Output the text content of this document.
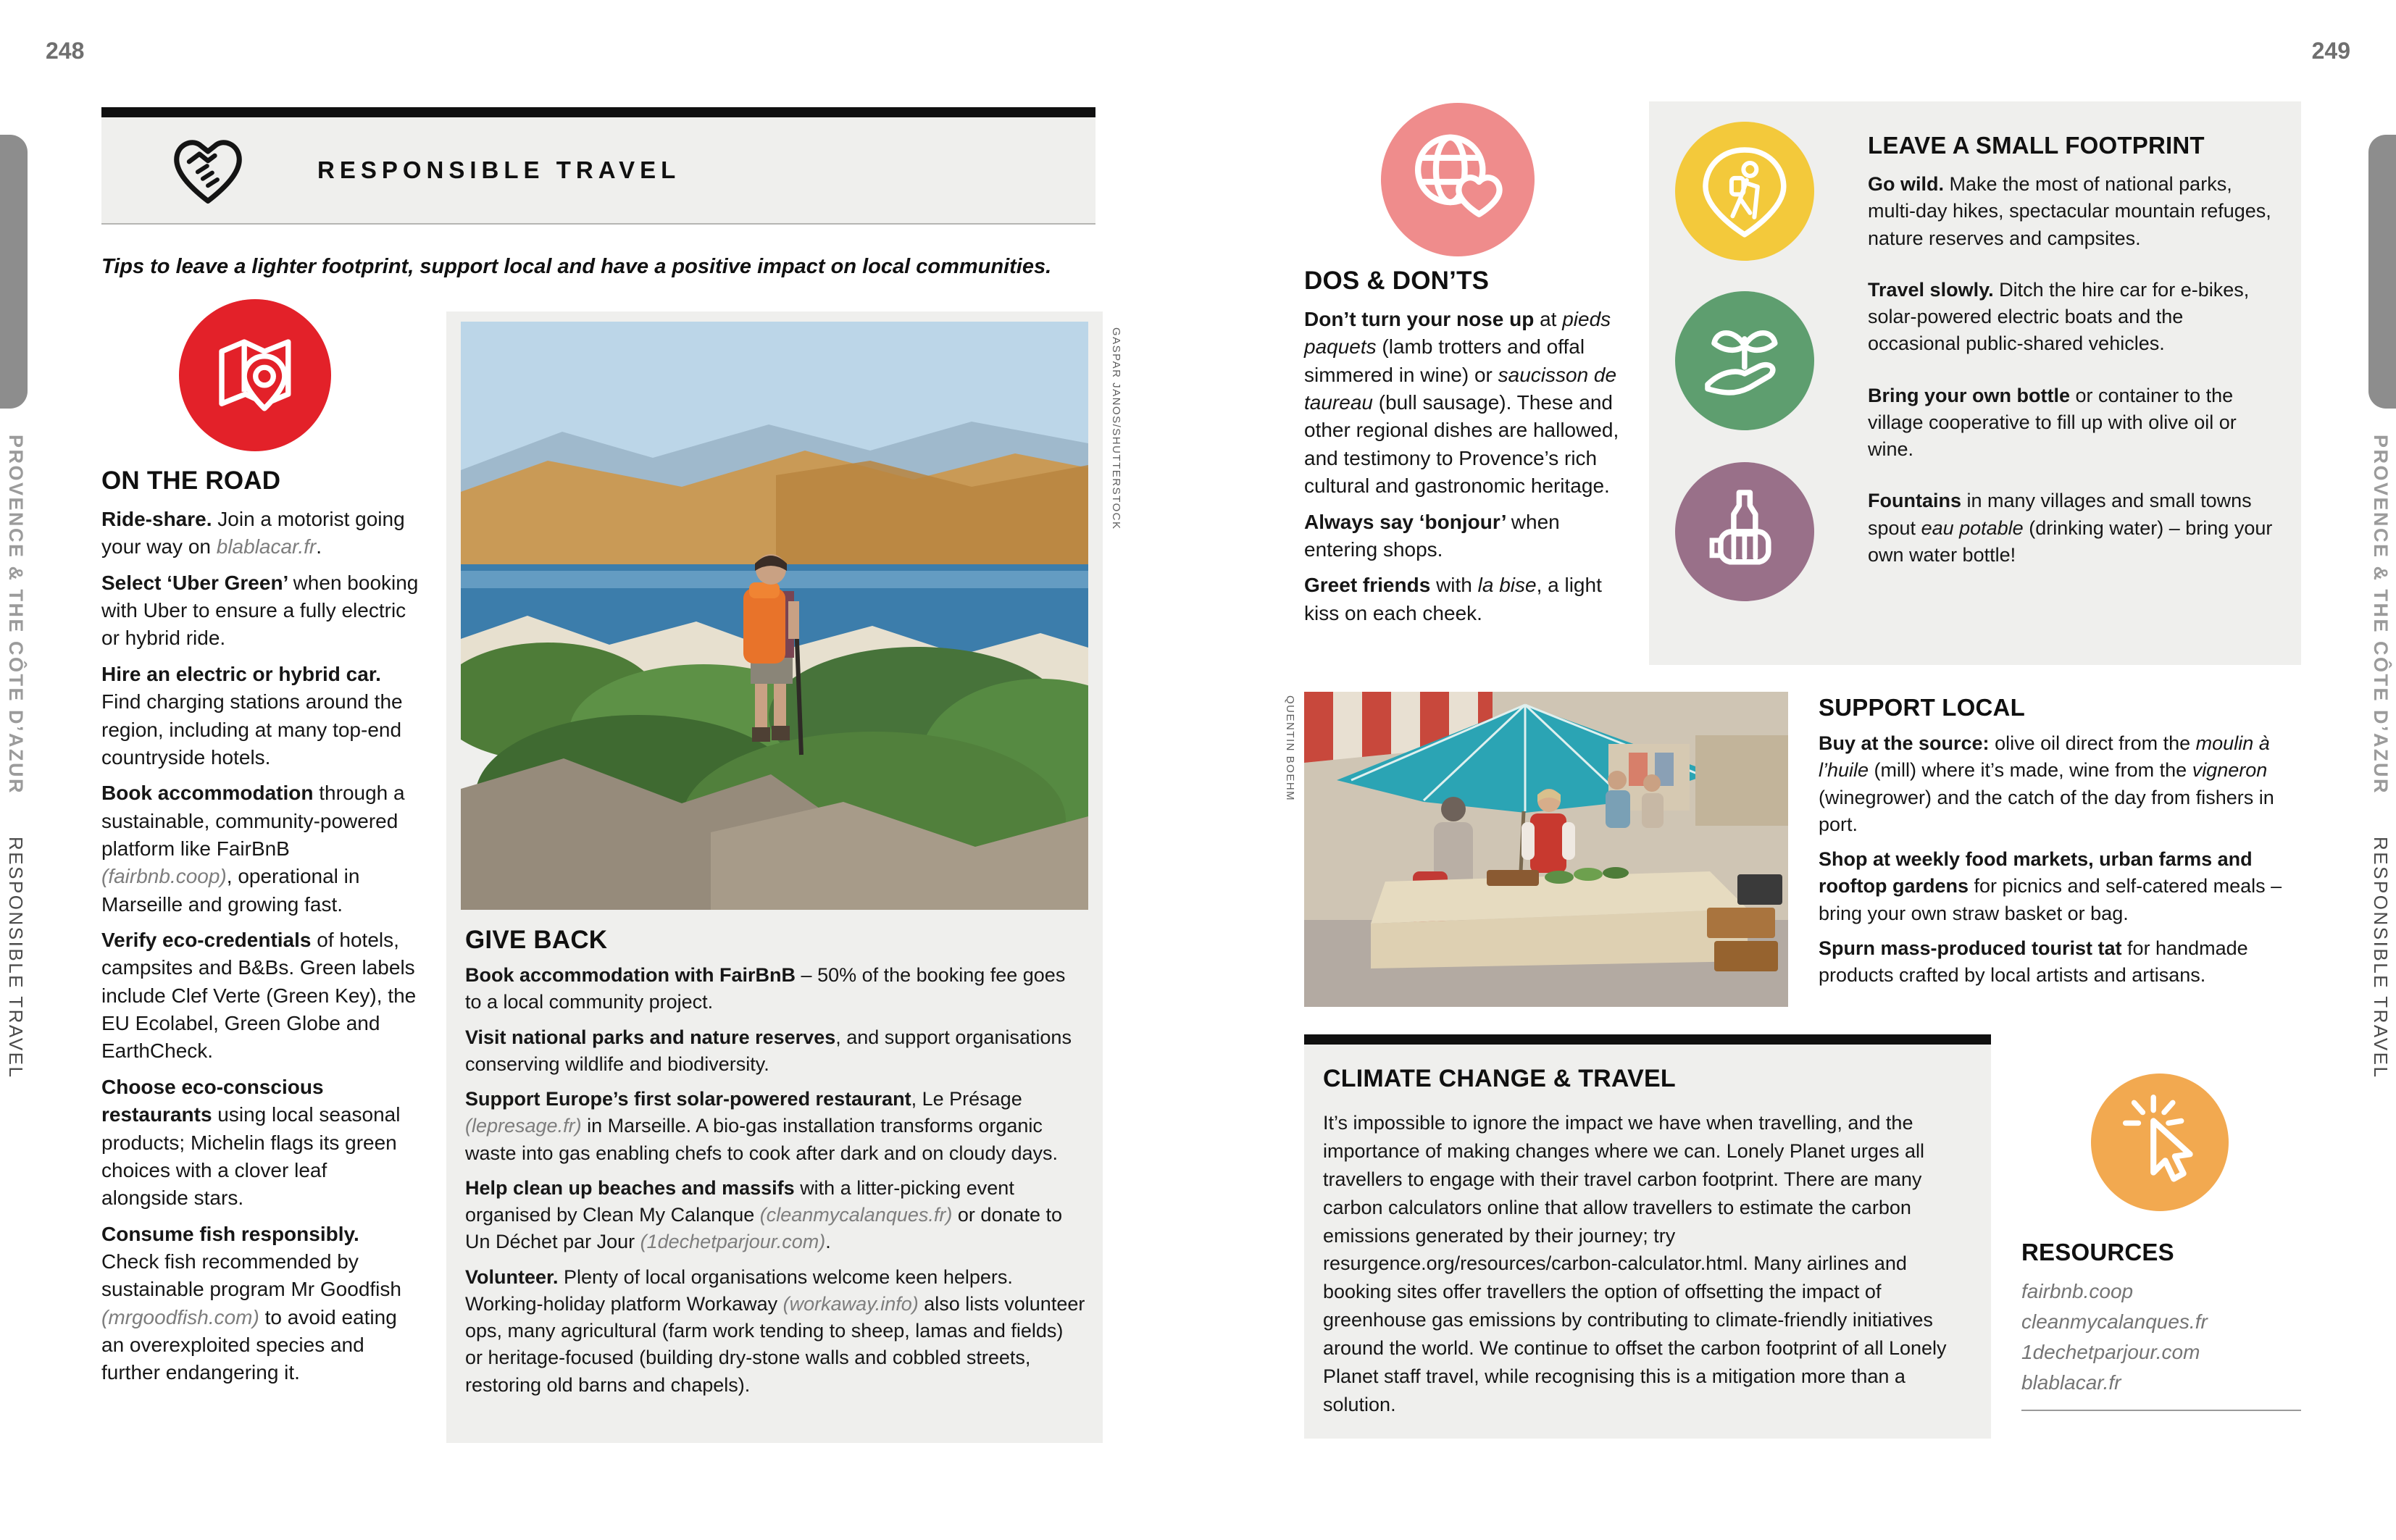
248	249
PROVENCE & THE CÔTE D’AZUR
RESPONSIBLE TRAVEL
PROVENCE & THE CÔTE D’AZUR
RESPONSIBLE TRAVEL
RESPONSIBLE TRAVEL
Tips to leave a lighter footprint, support local and have a positive impact on local communities.
ON THE ROAD

Ride-share. Join a motorist going your way on blablacar.fr.

Select ‘Uber Green’ when booking with Uber to ensure a fully electric or hybrid ride.

Hire an electric or hybrid car. Find charging stations around the region, including at many top-end countryside hotels.

Book accommodation through a sustainable, community-powered platform like FairBnB (fairbnb.coop), operational in Marseille and growing fast.

Verify eco-credentials of hotels, campsites and B&Bs. Green labels include Clef Verte (Green Key), the EU Ecolabel, Green Globe and EarthCheck.

Choose eco-conscious restaurants using local seasonal products; Michelin flags its green choices with a clover leaf alongside stars.

Consume fish responsibly. Check fish recommended by sustainable program Mr Goodfish (mrgoodfish.com) to avoid eating an overexploited species and further endangering it.

GIVE BACK

Book accommodation with FairBnB – 50% of the booking fee goes to a local community project.

Visit national parks and nature reserves, and support organisations conserving wildlife and biodiversity.

Support Europe’s first solar-powered restaurant, Le Présage (lepresage.fr) in Marseille. A bio-gas installation transforms organic waste into gas enabling chefs to cook after dark and on cloudy days.

Help clean up beaches and massifs with a litter-picking event organised by Clean My Calanque (cleanmycalanques.fr) or donate to Un Déchet par Jour (1dechetparjour.com).

Volunteer. Plenty of local organisations welcome keen helpers. Working-holiday platform Workaway (workaway.info) also lists volunteer ops, many agricultural (farm work tending to sheep, lamas and fields) or heritage-focused (building dry-stone walls and cobbled streets, restoring old barns and chapels).

GASPAR JANOS/SHUTTERSTOCK
DOS & DON’TS

Don’t turn your nose up at pieds paquets (lamb trotters and offal simmered in wine) or saucisson de taureau (bull sausage). These and other regional dishes are hallowed, and testimony to Provence’s rich cultural and gastronomic heritage.

Always say ‘bonjour’ when entering shops.

Greet friends with la bise, a light kiss on each cheek.

LEAVE A SMALL FOOTPRINT

Go wild. Make the most of national parks, multi-day hikes, spectacular mountain refuges, nature reserves and campsites.

Travel slowly. Ditch the hire car for e-bikes, solar-powered electric boats and the occasional public-shared vehicles.

Bring your own bottle or container to the village cooperative to fill up with olive oil or wine.

Fountains in many villages and small towns spout eau potable (drinking water) – bring your own water bottle!

QUENTIN BOEHM	SUPPORT LOCAL

Buy at the source: olive oil direct from the moulin à l’huile (mill) where it’s made, wine from the vigneron (winegrower) and the catch of the day from fishers in port.

Shop at weekly food markets, urban farms and rooftop gardens for picnics and self-catered meals – bring your own straw basket or bag.

Spurn mass-produced tourist tat for handmade products crafted by local artists and artisans.

CLIMATE CHANGE & TRAVEL
It’s impossible to ignore the impact we have when travelling, and the importance of making changes where we can. Lonely Planet urges all travellers to engage with their travel carbon footprint. There are many carbon calculators online that allow travellers to estimate the carbon emissions generated by their journey; try resurgence.org/resources/carbon-calculator.html. Many airlines and booking sites offer travellers the option of offsetting the impact of greenhouse gas emissions by contributing to climate-friendly initiatives around the world. We continue to offset the carbon footprint of all Lonely Planet staff travel, while recognising this is a mitigation more than a solution.
RESOURCES
fairbnb.coop
cleanmycalanques.fr
1dechetparjour.com
blablacar.fr
